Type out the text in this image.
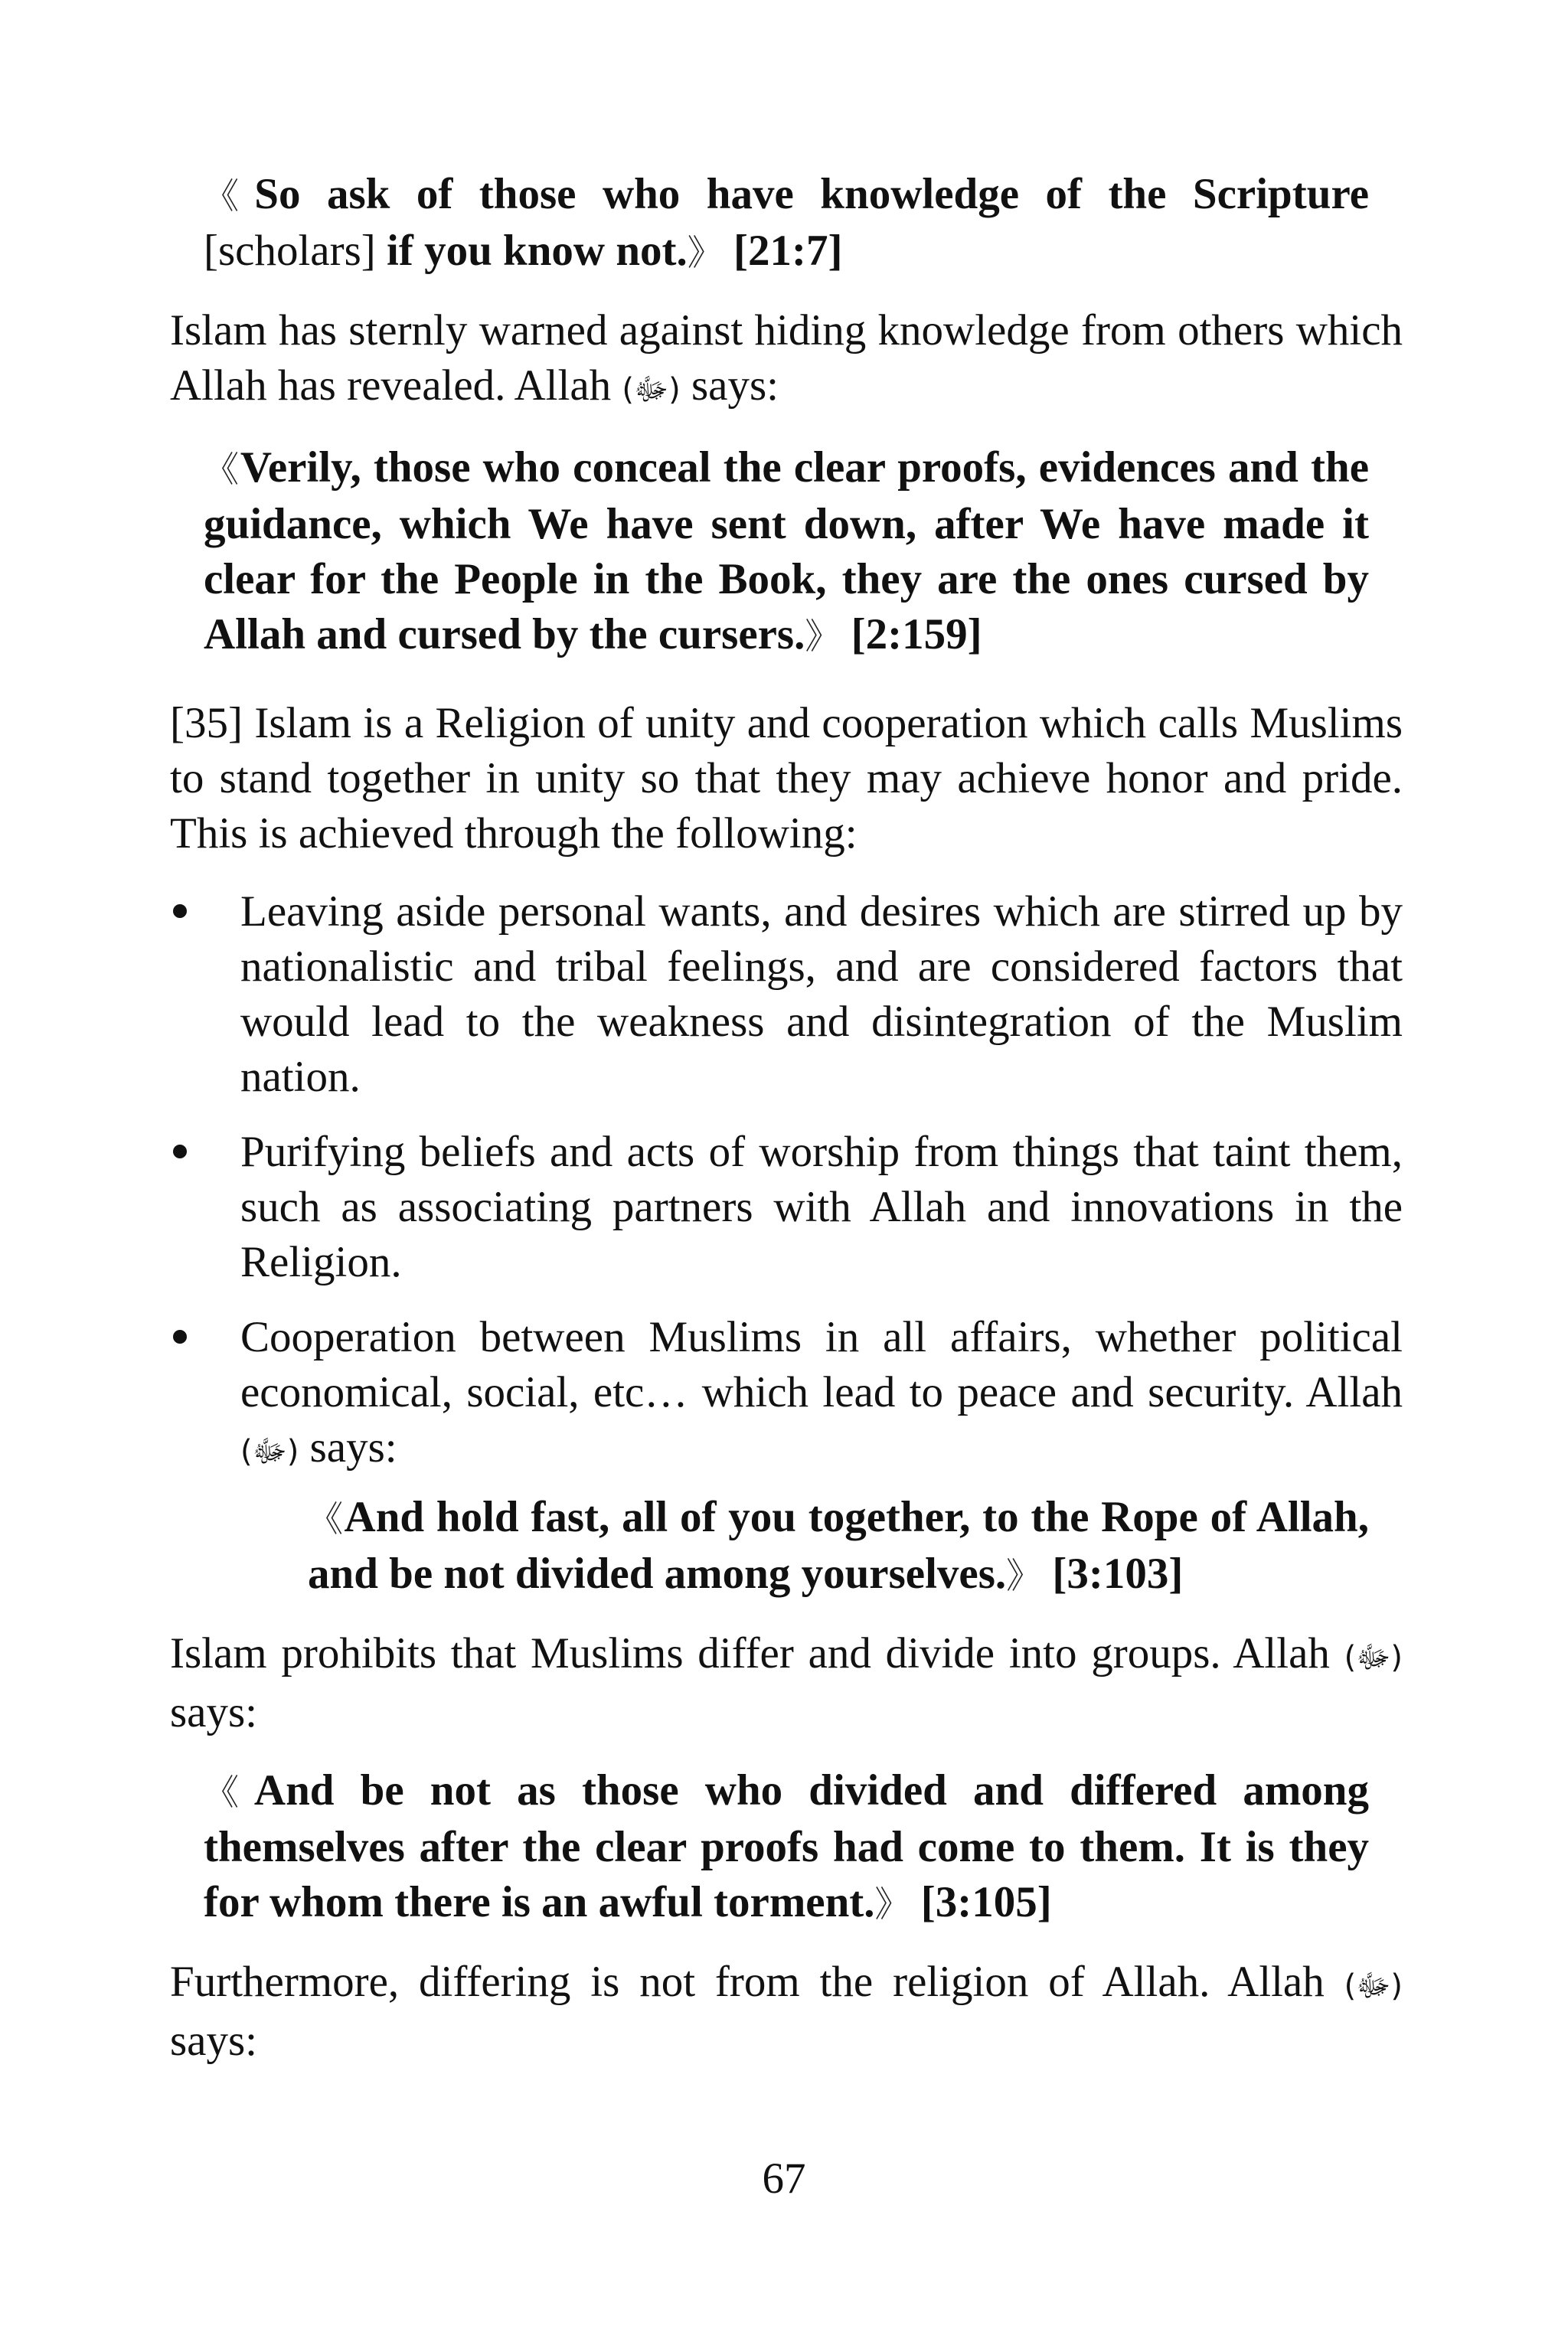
《So ask of those who have knowledge of the Scripture [scholars] if you know not.》 [21:7]

Islam has sternly warned against hiding knowledge from others which Allah has revealed. Allah (ﷻ) says:

《Verily, those who conceal the clear proofs, evidences and the guidance, which We have sent down, after We have made it clear for the People in the Book, they are the ones cursed by Allah and cursed by the cursers.》 [2:159]

[35] Islam is a Religion of unity and cooperation which calls Muslims to stand together in unity so that they may achieve honor and pride. This is achieved through the following:

Leaving aside personal wants, and desires which are stirred up by nationalistic and tribal feelings, and are considered factors that would lead to the weakness and disintegration of the Muslim nation.
Purifying beliefs and acts of worship from things that taint them, such as associating partners with Allah and innovations in the Religion.
Cooperation between Muslims in all affairs, whether political economical, social, etc… which lead to peace and security. Allah (ﷻ) says:

《And hold fast, all of you together, to the Rope of Allah, and be not divided among yourselves.》 [3:103]

Islam prohibits that Muslims differ and divide into groups. Allah (ﷻ) says:

《And be not as those who divided and differed among themselves after the clear proofs had come to them. It is they for whom there is an awful torment.》 [3:105]

Furthermore, differing is not from the religion of Allah. Allah (ﷻ) says:

67
